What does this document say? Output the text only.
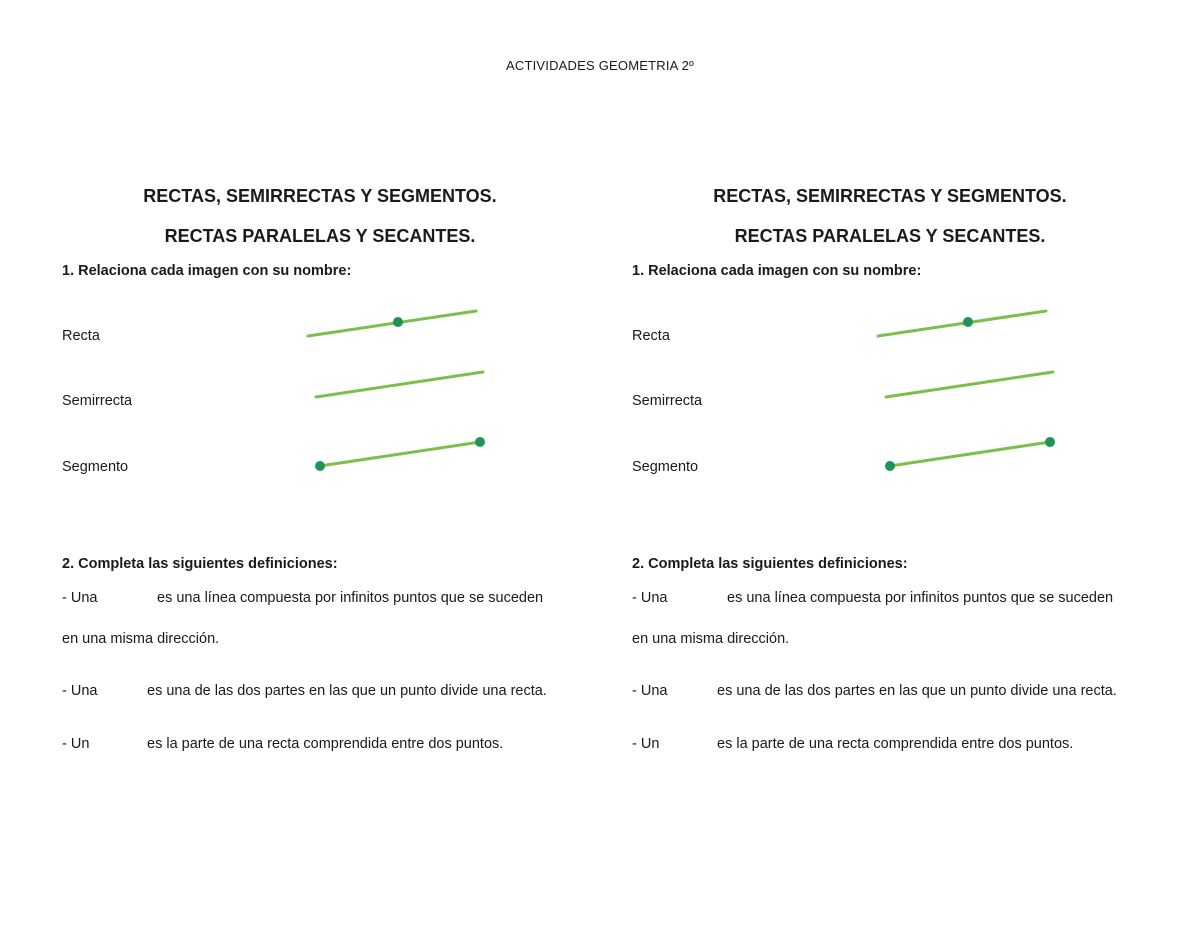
ACTIVIDADES GEOMETRIA 2º
RECTAS, SEMIRRECTAS Y SEGMENTOS.
RECTAS PARALELAS Y SECANTES.
1. Relaciona cada imagen con su nombre:
Recta
Semirrecta
Segmento
2. Completa las siguientes definiciones:
- Una	es una línea compuesta por infinitos puntos que se suceden
en una misma dirección.
- Una	es una de las dos partes en las que un punto divide una recta.
- Un	es la parte de una recta comprendida entre dos puntos.
RECTAS, SEMIRRECTAS Y SEGMENTOS.
RECTAS PARALELAS Y SECANTES.
1. Relaciona cada imagen con su nombre:
Recta
Semirrecta
Segmento
2. Completa las siguientes definiciones:
- Una	es una línea compuesta por infinitos puntos que se suceden
en una misma dirección.
- Una	es una de las dos partes en las que un punto divide una recta.
- Un	es la parte de una recta comprendida entre dos puntos.
